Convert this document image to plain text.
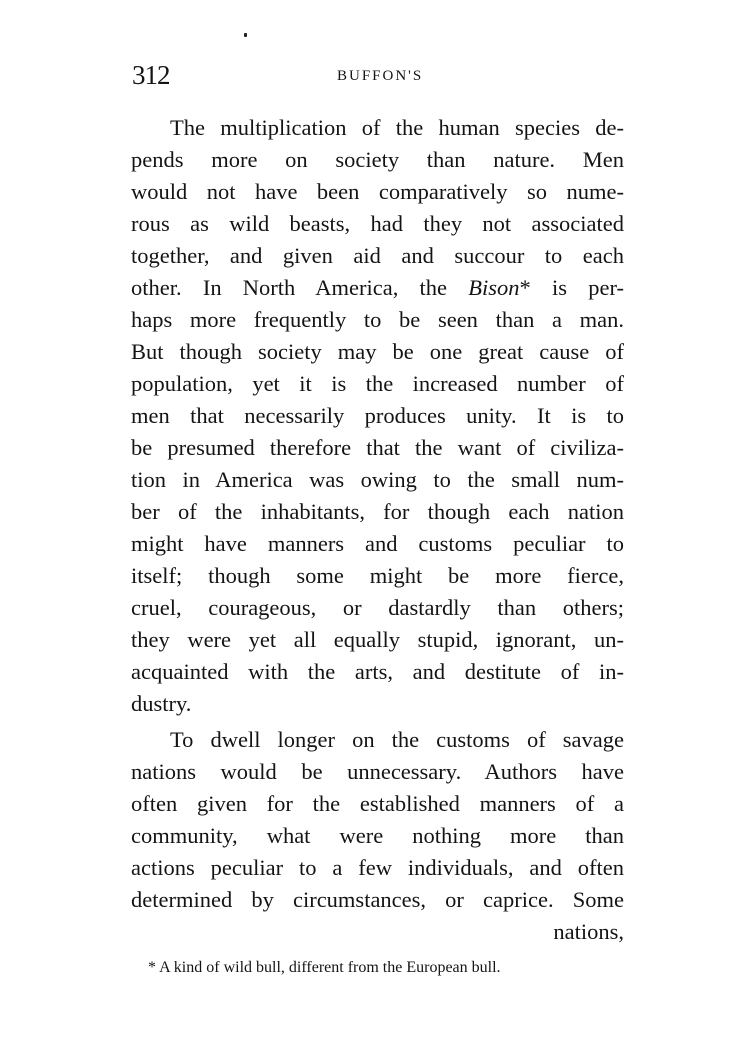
312	BUFFON'S
The multiplication of the human species de-
pends more on society than nature. Men
would not have been comparatively so nume-
rous as wild beasts, had they not associated
together, and given aid and succour to each
other. In North America, the Bison* is per-
haps more frequently to be seen than a man.
But though society may be one great cause of
population, yet it is the increased number of
men that necessarily produces unity. It is to
be presumed therefore that the want of civiliza-
tion in America was owing to the small num-
ber of the inhabitants, for though each nation
might have manners and customs peculiar to
itself; though some might be more fierce,
cruel, courageous, or dastardly than others;
they were yet all equally stupid, ignorant, un-
acquainted with the arts, and destitute of in-
dustry.
To dwell longer on the customs of savage
nations would be unnecessary. Authors have
often given for the established manners of a
community, what were nothing more than
actions peculiar to a few individuals, and often
determined by circumstances, or caprice. Some
nations,
* A kind of wild bull, different from the European bull.
